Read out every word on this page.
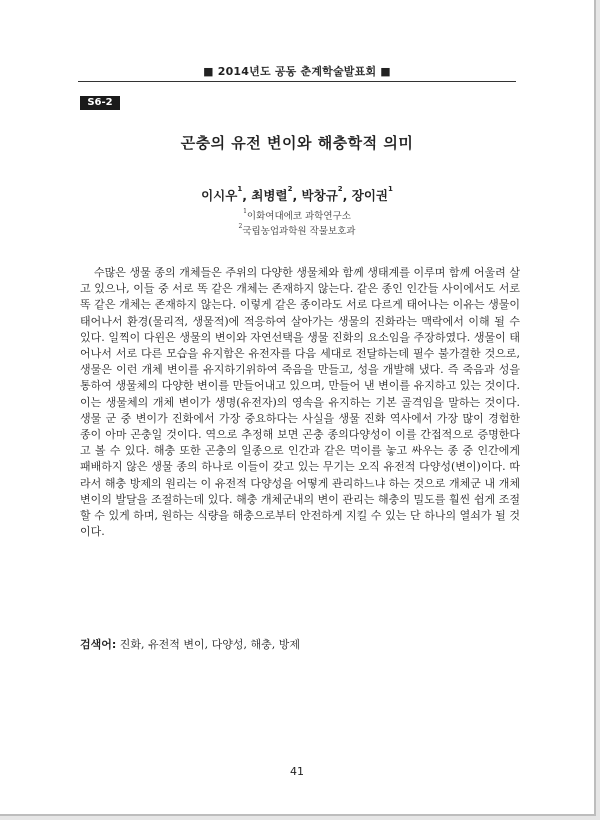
■ 2014년도 공동 춘계학술발표회 ■
S6-2
곤충의 유전 변이와 해충학적 의미
이시우$^1$, 최병렬$^2$, 박창규$^2$, 장이권$^1$
$^1$이화여대에코 과학연구소
$^2$국립농업과학원 작물보호과

수많은 생물 종의 개체들은 주위의 다양한 생물체와 함께 생태계를 이루며 함께 어울려 살고 있으나, 이들 중 서로 똑 같은 개체는 존재하지 않는다. 같은 종인 인간들 사이에서도 서로 똑 같은 개체는 존재하지 않는다. 이렇게 같은 종이라도 서로 다르게 태어나는 이유는 생물이 태어나서 환경(물리적, 생물적)에 적응하여 살아가는 생물의 진화라는 맥락에서 이해 될 수 있다. 일찍이 다윈은 생물의 변이와 자연선택을 생물 진화의 요소임을 주장하였다. 생물이 태어나서 서로 다른 모습을 유지함은 유전자를 다음 세대로 전달하는데 필수 불가결한 것으로, 생물은 이런 개체 변이를 유지하기위하여 죽음을 만들고, 성을 개발해 냈다. 즉 죽음과 성을 통하여 생물체의 다양한 변이를 만들어내고 있으며, 만들어 낸 변이를 유지하고 있는 것이다. 이는 생물체의 개체 변이가 생명(유전자)의 영속을 유지하는 기본 골격임을 말하는 것이다. 생물 군 중 변이가 진화에서 가장 중요하다는 사실을 생물 진화 역사에서 가장 많이 경험한 종이 아마 곤충일 것이다. 역으로 추정해 보면 곤충 종의다양성이 이를 간접적으로 증명한다고 볼 수 있다. 해충 또한 곤충의 일종으로 인간과 같은 먹이를 놓고 싸우는 종 중 인간에게 패배하지 않은 생물 종의 하나로 이들이 갖고 있는 무기는 오직 유전적 다양성(변이)이다. 따라서 해충 방제의 원리는 이 유전적 다양성을 어떻게 관리하느냐 하는 것으로 개체군 내 개체 변이의 발달을 조절하는데 있다. 해충 개체군내의 변이 관리는 해충의 밀도를 훨씬 쉽게 조절할 수 있게 하며, 원하는 식량을 해충으로부터 안전하게 지킬 수 있는 단 하나의 열쇠가 될 것이다.

검색어: 진화, 유전적 변이, 다양성, 해충, 방제
41
